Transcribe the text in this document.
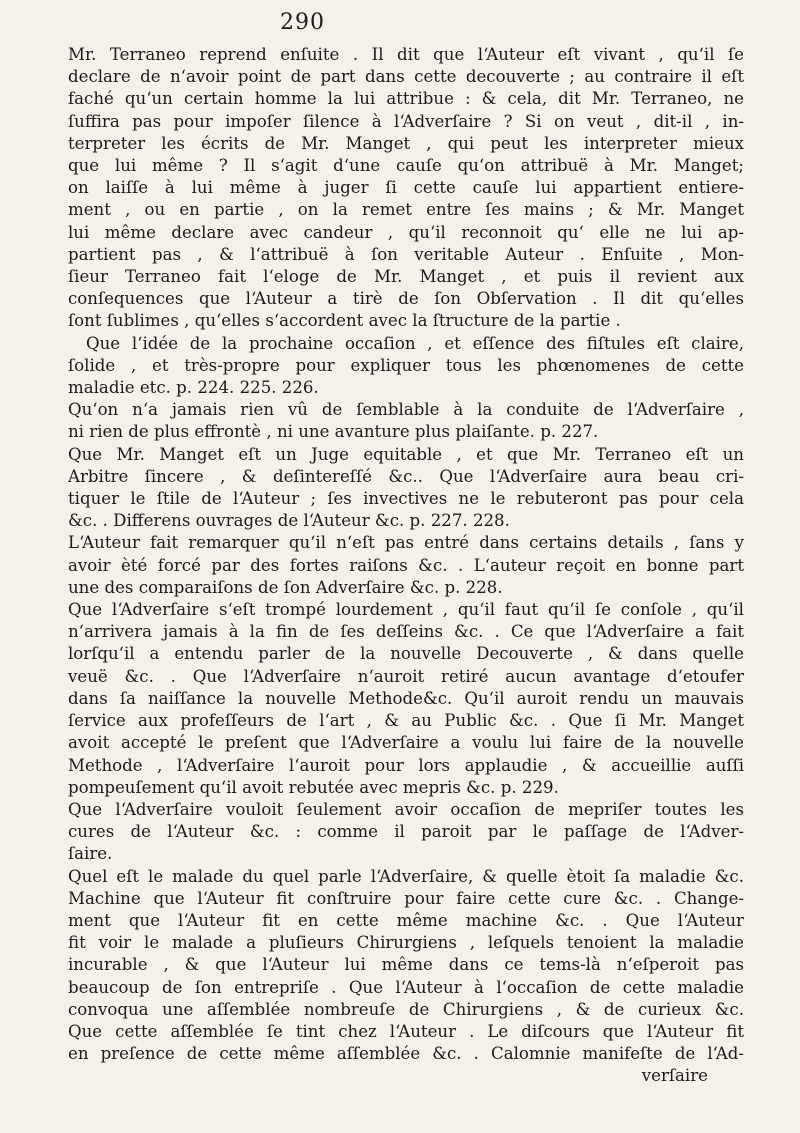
290
Mr. Terraneo reprend enſuite . Il dit que l‘Auteur eſt vivant , qu‘il ſe
declare de n‘avoir point de part dans cette decouverte ; au contraire il eſt
faché qu‘un certain homme la lui attribue : & cela, dit Mr. Terraneo, ne
ſuffira pas pour impoſer ſilence à l‘Adverſaire ? Si on veut , dit-il , in-
terpreter les écrits de Mr. Manget , qui peut les interpreter mieux
que lui même ? Il s‘agit d‘une cauſe qu‘on attribuë à Mr. Manget;
on laiſſe à lui même à juger ſi cette cauſe lui appartient entiere-
ment , ou en partie , on la remet entre ſes mains ; & Mr. Manget
lui même declare avec candeur , qu‘il reconnoit qu‘ elle ne lui ap-
partient pas , & l‘attribuë à ſon veritable Auteur . Enſuite , Mon-
ſieur Terraneo fait l‘eloge de Mr. Manget , et puis il revient aux
conſequences que l‘Auteur a tirè de ſon Obſervation . Il dit qu‘elles
ſont ſublimes , qu‘elles s‘accordent avec la ſtructure de la partie .
Que l‘idée de la prochaine occaſion , et eſſence des fiſtules eſt claire,
ſolide , et très-propre pour expliquer tous les phœnomenes de cette
maladie etc. p. 224. 225. 226.
Qu‘on n‘a jamais rien vû de ſemblable à la conduite de l‘Adverſaire ,
ni rien de plus effrontè , ni une avanture plus plaiſante. p. 227.
Que Mr. Manget eſt un Juge equitable , et que Mr. Terraneo eſt un
Arbitre ſincere , & deſintereſſé &c.. Que l‘Adverſaire aura beau cri-
tiquer le ſtile de l‘Auteur ; ſes invectives ne le rebuteront pas pour cela
&c. . Differens ouvrages de l‘Auteur &c. p. 227. 228.
L‘Auteur fait remarquer qu‘il n‘eſt pas entré dans certains details , ſans y
avoir èté forcé par des fortes raiſons &c. . L‘auteur reçoit en bonne part
une des comparaiſons de ſon Adverſaire &c. p. 228.
Que l‘Adverſaire s‘eſt trompé lourdement , qu‘il faut qu‘il ſe conſole , qu‘il
n‘arrivera jamais à la fin de ſes deſſeins &c. . Ce que l‘Adverſaire a fait
lorſqu‘il a entendu parler de la nouvelle Decouverte , & dans quelle
veuë &c. . Que l‘Adverſaire n‘auroit retiré aucun avantage d‘etoufer
dans ſa naiſſance la nouvelle Methode&c. Qu‘il auroit rendu un mauvais
ſervice aux profeſſeurs de l‘art , & au Public &c. . Que ſi Mr. Manget
avoit accepté le preſent que l‘Adverſaire a voulu lui faire de la nouvelle
Methode , l‘Adverſaire l‘auroit pour lors applaudie , & accueillie auſſi
pompeuſement qu‘il avoit rebutée avec mepris &c. p. 229.
Que l‘Adverſaire vouloit ſeulement avoir occaſion de mepriſer toutes les
cures de l‘Auteur &c. : comme il paroit par le paſſage de l‘Adver-
ſaire.
Quel eſt le malade du quel parle l‘Adverſaire, & quelle ètoit ſa maladie &c.
Machine que l‘Auteur fit conſtruire pour faire cette cure &c. . Change-
ment que l‘Auteur fit en cette même machine &c. . Que l‘Auteur
fit voir le malade a pluſieurs Chirurgiens , leſquels tenoient la maladie
incurable , & que l‘Auteur lui même dans ce tems-là n‘eſperoit pas
beaucoup de ſon entrepriſe . Que l‘Auteur à l‘occaſion de cette maladie
convoqua une aſſemblée nombreuſe de Chirurgiens , & de curieux &c.
Que cette aſſemblée ſe tint chez l‘Auteur . Le diſcours que l‘Auteur fit
en preſence de cette même aſſemblée &c. . Calomnie manifeſte de l‘Ad-
verſaire
